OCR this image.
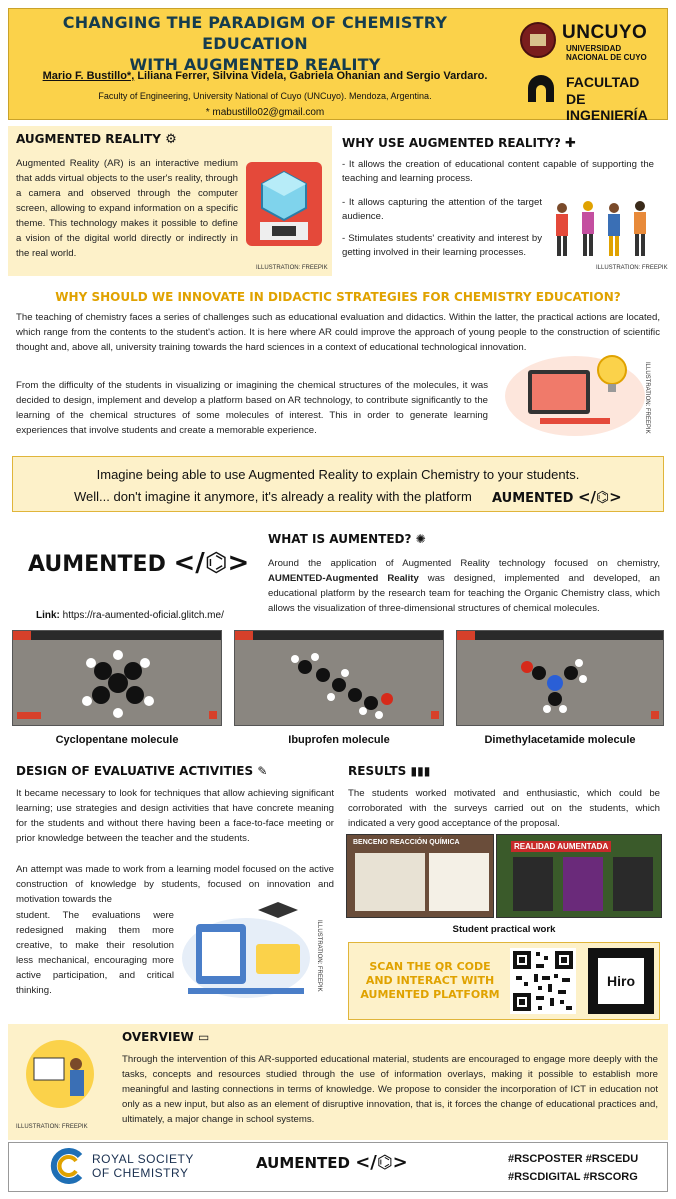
CHANGING THE PARADIGM OF CHEMISTRY EDUCATION
WITH AUGMENTED REALITY
Mario F. Bustillo*, Liliana Ferrer, Silvina Videla, Gabriela Ohanian and Sergio Vardaro.
Faculty of Engineering, University National of Cuyo (UNCuyo). Mendoza, Argentina.
* mabustillo02@gmail.com
UNCUYO
UNIVERSIDAD
NACIONAL DE CUYO
FACULTAD
DE INGENIERÍA
AUGMENTED REALITY ⚙
Augmented Reality (AR) is an interactive medium that adds virtual objects to the user's reality, through a camera and observed through the computer screen, allowing to expand information on a specific theme. This technology makes it possible to define a vision of the digital world directly or indirectly in the real world.
ILLUSTRATION: FREEPIK
WHY USE AUGMENTED REALITY? ✚
- It allows the creation of educational content capable of supporting the teaching and learning process.
- It allows capturing the attention of the target audience.
- Stimulates students' creativity and interest by getting involved in their learning processes.
ILLUSTRATION: FREEPIK
WHY SHOULD WE INNOVATE IN DIDACTIC STRATEGIES FOR CHEMISTRY EDUCATION?
The teaching of chemistry faces a series of challenges such as educational evaluation and didactics. Within the latter, the practical actions are located, which range from the contents to the student's action. It is here where AR could improve the approach of young people to the construction of scientific thought and, above all, university training towards the hard sciences in a context of educational technological innovation.
From the difficulty of the students in visualizing or imagining the chemical structures of the molecules, it was decided to design, implement and develop a platform based on AR technology, to contribute significantly to the learning of the chemical structures of some molecules of interest. This in order to generate learning experiences that involve students and create a memorable experience.	ILLUSTRATION: FREEPIK
Imagine being able to use Augmented Reality to explain Chemistry to your students.
Well... don't imagine it anymore, it's already a reality with the platform AUMENTED </⌬>
AUMENTED </⌬>
Link: https://ra-aumented-oficial.glitch.me/
WHAT IS AUMENTED? ✺
Around the application of Augmented Reality technology focused on chemistry, AUMENTED-Augmented Reality was designed, implemented and developed, an educational platform by the research team for teaching the Organic Chemistry class, which allows the visualization of three-dimensional structures of chemical molecules.
Cyclopentane molecule	Ibuprofen molecule	Dimethylacetamide molecule
DESIGN OF EVALUATIVE ACTIVITIES ✎
It became necessary to look for techniques that allow achieving significant learning; use strategies and design activities that have concrete meaning for the students and without there having been a face-to-face meeting or prior knowledge between the teacher and the students.
An attempt was made to work from a learning model focused on the active construction of knowledge by students, focused on innovation and motivation towards the
student. The evaluations were redesigned making them more creative, to make their resolution less mechanical, encouraging more active participation, and critical thinking.	ILLUSTRATION: FREEPIK
RESULTS ▮▮▮
The students worked motivated and enthusiastic, which could be corroborated with the surveys carried out on the students, which indicated a very good acceptance of the proposal.
BENCENO REACCIÓN QUÍMICA	REALIDAD AUMENTADA
Student practical work
SCAN THE QR CODE
AND INTERACT WITH
AUMENTED PLATFORM
Hiro
ILLUSTRATION: FREEPIK
OVERVIEW ▭
Through the intervention of this AR-supported educational material, students are encouraged to engage more deeply with the tasks, concepts and resources studied through the use of information overlays, making it possible to establish more meaningful and lasting connections in terms of knowledge. We propose to consider the incorporation of ICT in education not only as a new input, but also as an element of disruptive innovation, that is, it forces the change of educational practices and, ultimately, a major change in school systems.
ROYAL SOCIETY
OF CHEMISTRY
AUMENTED </⌬>	#RSCPOSTER #RSCEDU
#RSCDIGITAL #RSCORG
